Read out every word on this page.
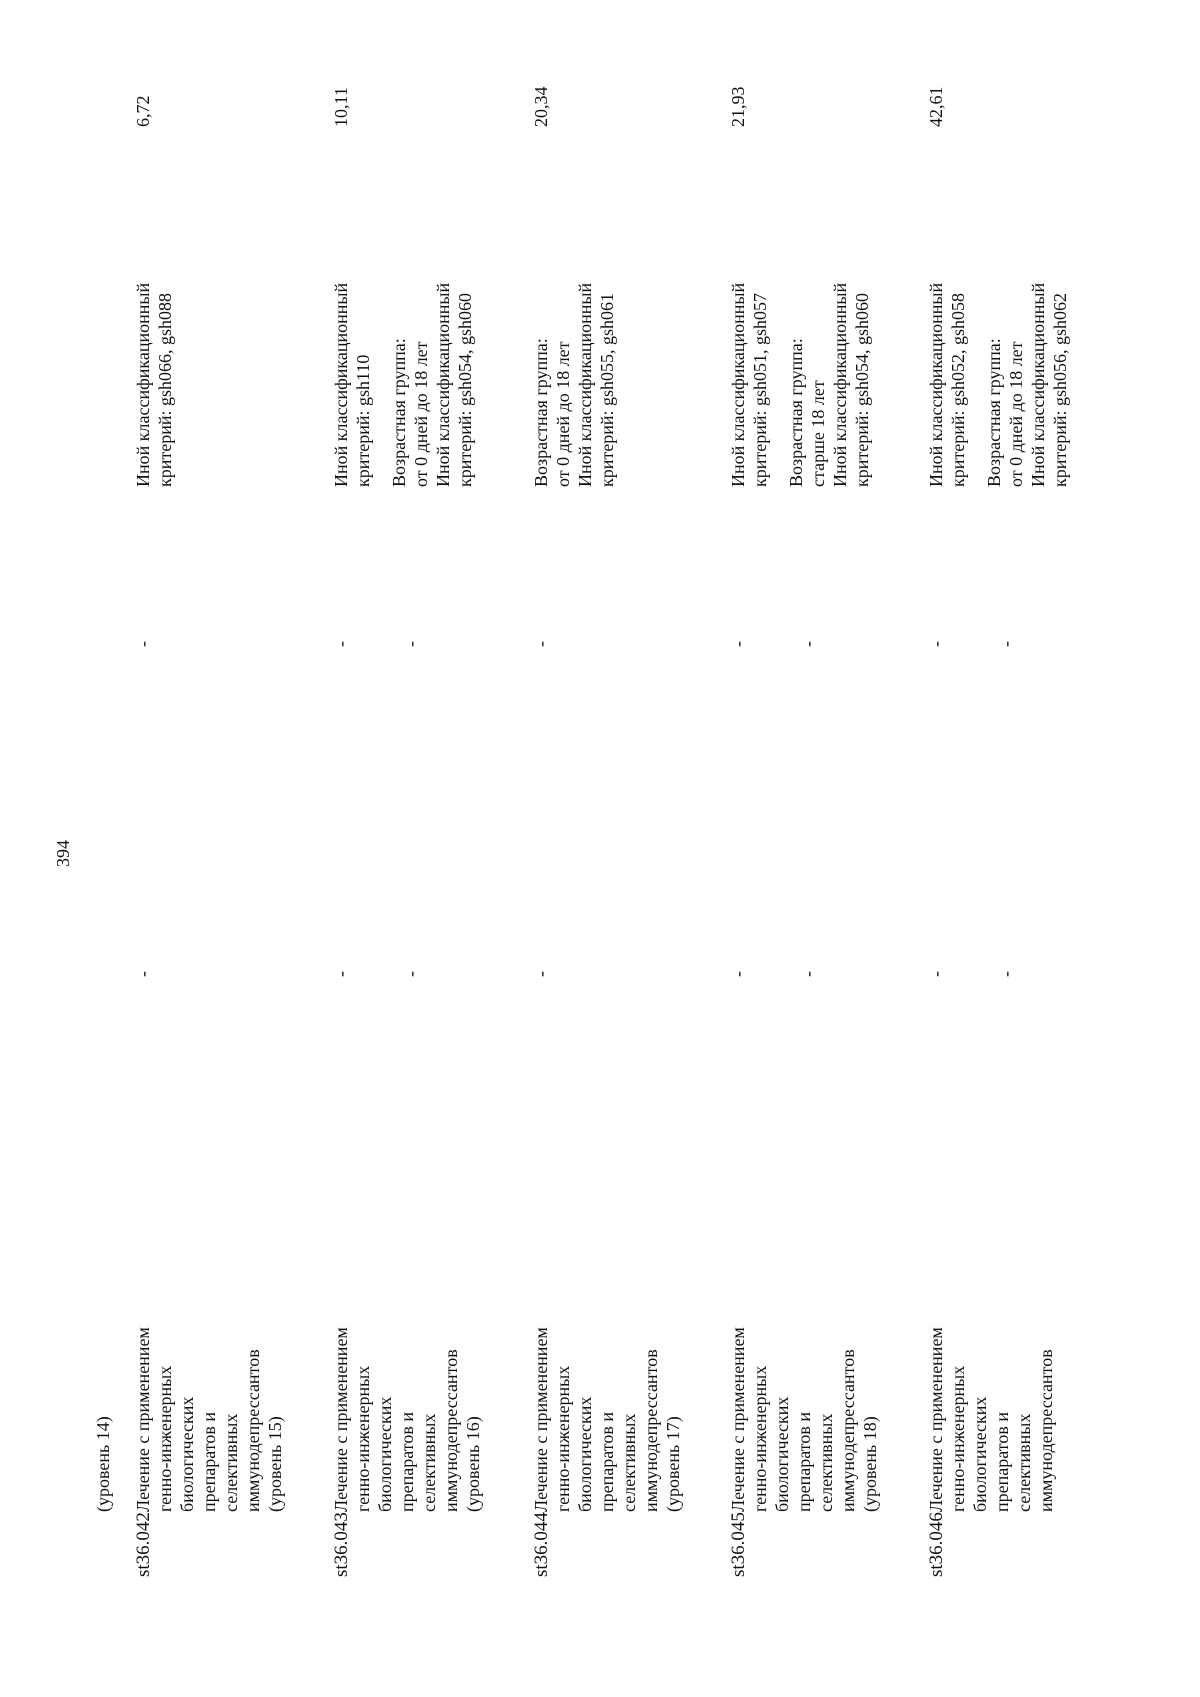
394
(уровень 14)
st36.042
Лечение с применением генно-инженерных биологических препаратов и селективных иммунодепрессантов (уровень 15)
-
-
Иной классификационный критерий: gsh066, gsh088
6,72
st36.043
Лечение с применением генно-инженерных биологических препаратов и селективных иммунодепрессантов (уровень 16)
-	-
-	-
Иной классификационный критерий: gsh110 Возрастная группа: от 0 дней до 18 лет Иной классификационный критерий: gsh054, gsh060
10,11
st36.044
Лечение с применением генно-инженерных биологических препаратов и селективных иммунодепрессантов (уровень 17)
-
-
Возрастная группа: от 0 дней до 18 лет Иной классификационный критерий: gsh055, gsh061
20,34
st36.045
Лечение с применением генно-инженерных биологических препаратов и селективных иммунодепрессантов (уровень 18)
-	-
-	-
Иной классификационный критерий: gsh051, gsh057 Возрастная группа: старше 18 лет Иной классификационный критерий: gsh054, gsh060
21,93
st36.046
Лечение с применением генно-инженерных биологических препаратов и селективных иммунодепрессантов
-	-
-	-
Иной классификационный критерий: gsh052, gsh058 Возрастная группа: от 0 дней до 18 лет Иной классификационный критерий: gsh056, gsh062
42,61
